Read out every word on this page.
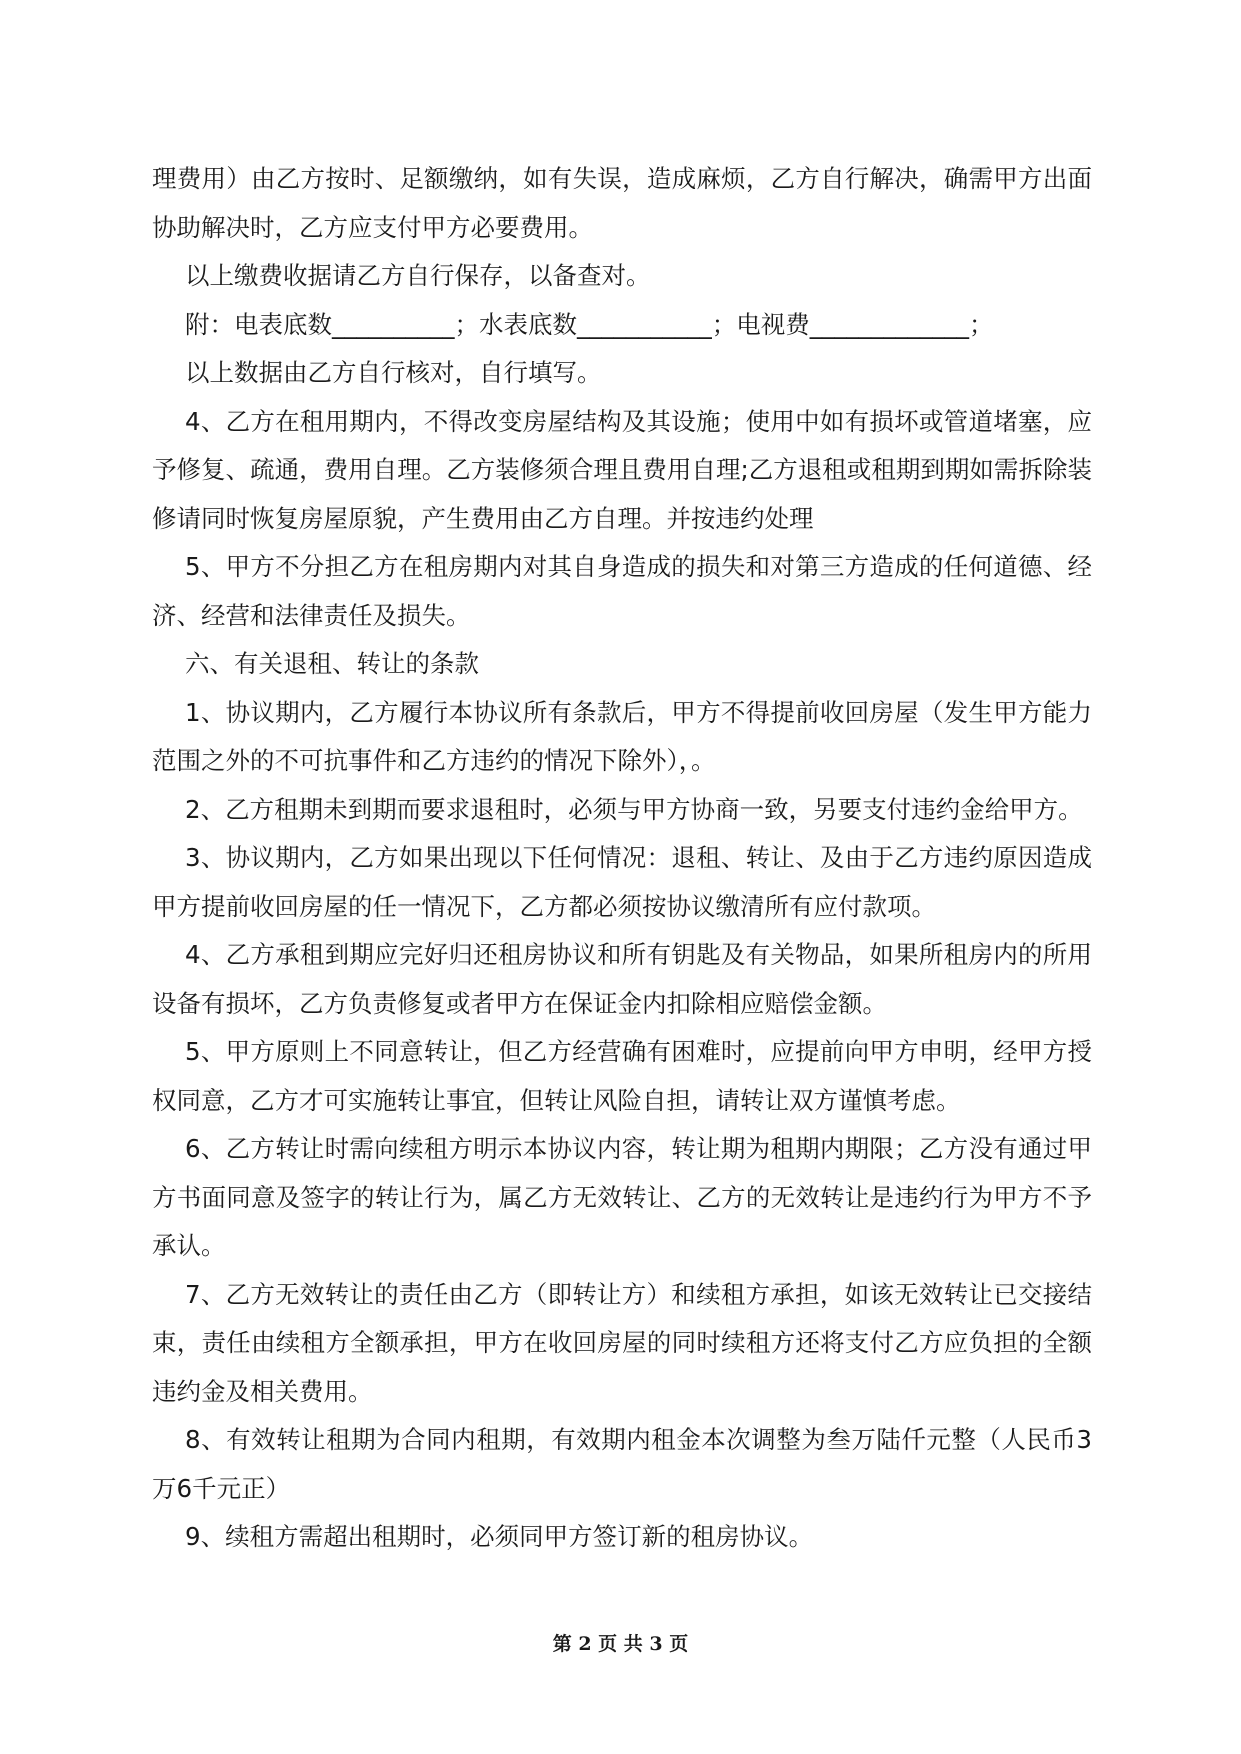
理费用）由乙方按时、足额缴纳，如有失误，造成麻烦，乙方自行解决，确需甲方出面协助解决时，乙方应支付甲方必要费用。

以上缴费收据请乙方自行保存，以备查对。

附：电表底数__________；水表底数___________；电视费_____________；

以上数据由乙方自行核对，自行填写。

4、乙方在租用期内，不得改变房屋结构及其设施；使用中如有损坏或管道堵塞，应予修复、疏通，费用自理。乙方装修须合理且费用自理;乙方退租或租期到期如需拆除装修请同时恢复房屋原貌，产生费用由乙方自理。并按违约处理

5、甲方不分担乙方在租房期内对其自身造成的损失和对第三方造成的任何道德、经济、经营和法律责任及损失。

六、有关退租、转让的条款

1、协议期内，乙方履行本协议所有条款后，甲方不得提前收回房屋（发生甲方能力范围之外的不可抗事件和乙方违约的情况下除外），。

2、乙方租期未到期而要求退租时，必须与甲方协商一致，另要支付违约金给甲方。

3、协议期内，乙方如果出现以下任何情况：退租、转让、及由于乙方违约原因造成甲方提前收回房屋的任一情况下，乙方都必须按协议缴清所有应付款项。

4、乙方承租到期应完好归还租房协议和所有钥匙及有关物品，如果所租房内的所用设备有损坏，乙方负责修复或者甲方在保证金内扣除相应赔偿金额。

5、甲方原则上不同意转让，但乙方经营确有困难时，应提前向甲方申明，经甲方授权同意，乙方才可实施转让事宜，但转让风险自担，请转让双方谨慎考虑。

6、乙方转让时需向续租方明示本协议内容，转让期为租期内期限；乙方没有通过甲方书面同意及签字的转让行为，属乙方无效转让、乙方的无效转让是违约行为甲方不予承认。

7、乙方无效转让的责任由乙方（即转让方）和续租方承担，如该无效转让已交接结束，责任由续租方全额承担，甲方在收回房屋的同时续租方还将支付乙方应负担的全额违约金及相关费用。

8、有效转让租期为合同内租期，有效期内租金本次调整为叁万陆仟元整（人民币3万6千元正）

9、续租方需超出租期时，必须同甲方签订新的租房协议。

第 2 页 共 3 页
